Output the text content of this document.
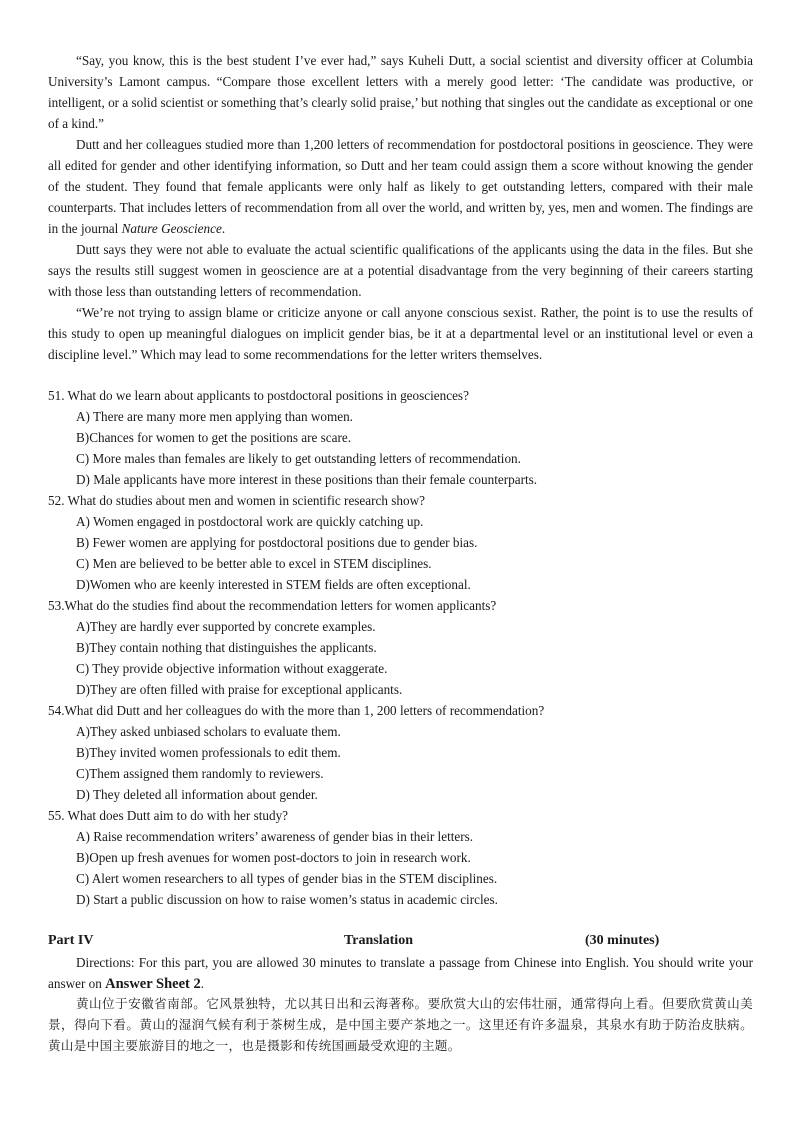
“Say, you know, this is the best student I’ve ever had,” says Kuheli Dutt, a social scientist and diversity officer at Columbia University’s Lamont campus. “Compare those excellent letters with a merely good letter: ‘The candidate was productive, or intelligent, or a solid scientist or something that’s clearly solid praise,’ but nothing that singles out the candidate as exceptional or one of a kind.”

Dutt and her colleagues studied more than 1,200 letters of recommendation for postdoctoral positions in geoscience. They were all edited for gender and other identifying information, so Dutt and her team could assign them a score without knowing the gender of the student. They found that female applicants were only half as likely to get outstanding letters, compared with their male counterparts. That includes letters of recommendation from all over the world, and written by, yes, men and women. The findings are in the journal Nature Geoscience.

Dutt says they were not able to evaluate the actual scientific qualifications of the applicants using the data in the files. But she says the results still suggest women in geoscience are at a potential disadvantage from the very beginning of their careers starting with those less than outstanding letters of recommendation.

“We’re not trying to assign blame or criticize anyone or call anyone conscious sexist. Rather, the point is to use the results of this study to open up meaningful dialogues on implicit gender bias, be it at a departmental level or an institutional level or even a discipline level.” Which may lead to some recommendations for the letter writers themselves.

51. What do we learn about applicants to postdoctoral positions in geosciences?

A) There are many more men applying than women.

B)Chances for women to get the positions are scare.

C) More males than females are likely to get outstanding letters of recommendation.

D) Male applicants have more interest in these positions than their female counterparts.

52. What do studies about men and women in scientific research show?

A) Women engaged in postdoctoral work are quickly catching up.

B) Fewer women are applying for postdoctoral positions due to gender bias.

C) Men are believed to be better able to excel in STEM disciplines.

D)Women who are keenly interested in STEM fields are often exceptional.

53.What do the studies find about the recommendation letters for women applicants?

A)They are hardly ever supported by concrete examples.

B)They contain nothing that distinguishes the applicants.

C) They provide objective information without exaggerate.

D)They are often filled with praise for exceptional applicants.

54.What did Dutt and her colleagues do with the more than 1, 200 letters of recommendation?

A)They asked unbiased scholars to evaluate them.

B)They invited women professionals to edit them.

C)Them assigned them randomly to reviewers.

D) They deleted all information about gender.

55. What does Dutt aim to do with her study?

A) Raise recommendation writers’ awareness of gender bias in their letters.

B)Open up fresh avenues for women post-doctors to join in research work.

C) Alert women researchers to all types of gender bias in the STEM disciplines.

D) Start a public discussion on how to raise women’s status in academic circles.

Part IV	Translation	(30 minutes)
Directions: For this part, you are allowed 30 minutes to translate a passage from Chinese into English. You should write your answer on Answer Sheet 2.
黄山位于安徽省南部。它风景独特，尤以其日出和云海著称。要欣赏大山的宏伟壮丽，通常得向上看。但要欣赏黄山美景，得向下看。黄山的湿润气候有利于茶树生成，是中国主要产茶地之一。这里还有许多温泉，其泉水有助于防治皮肤病。黄山是中国主要旅游目的地之一，也是摄影和传统国画最受欢迎的主题。
